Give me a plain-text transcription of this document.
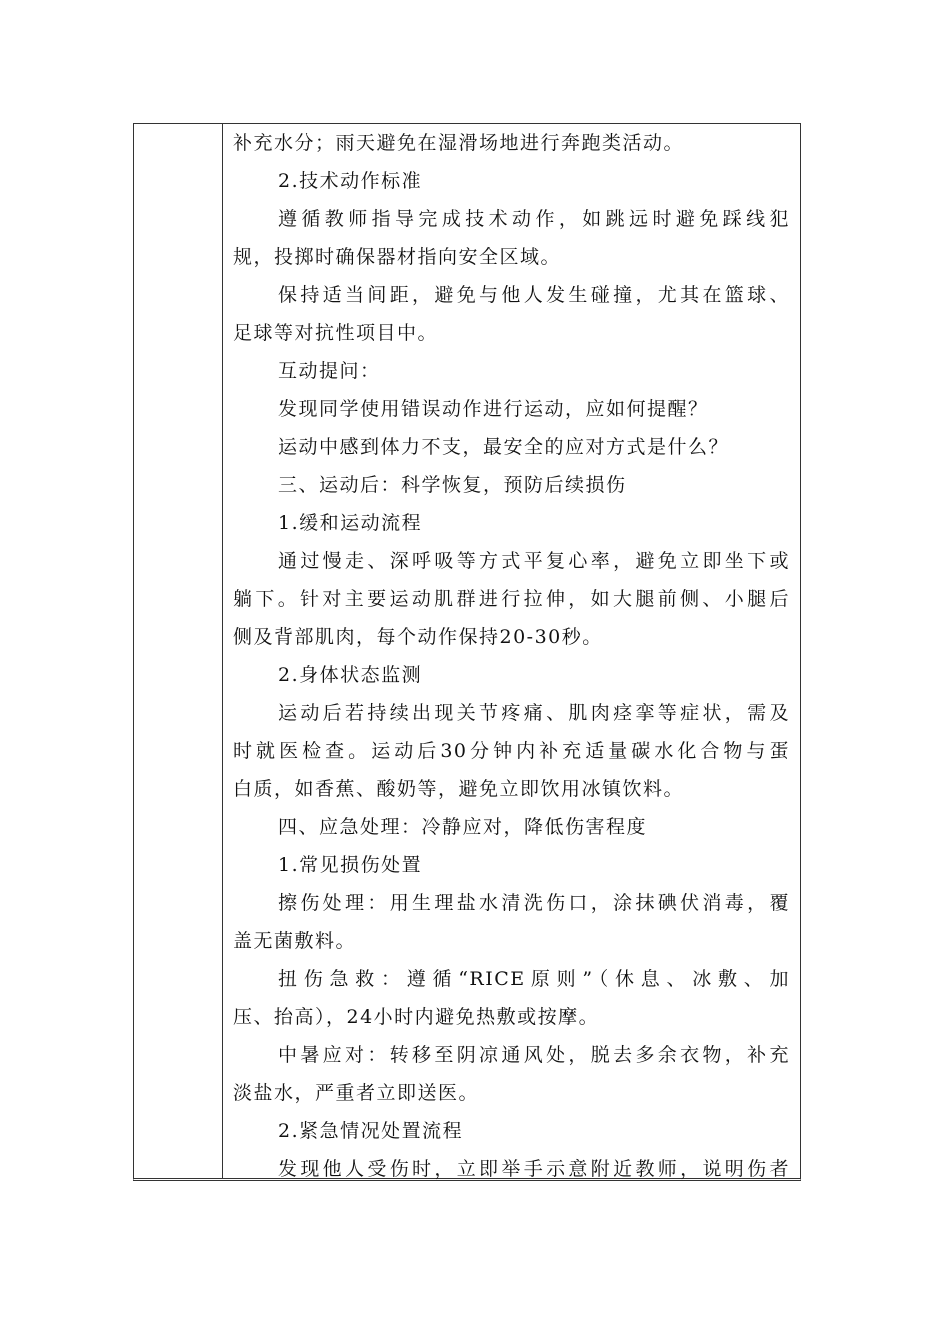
补充水分；雨天避免在湿滑场地进行奔跑类活动。
2.技术动作标准
遵循教师指导完成技术动作，如跳远时避免踩线犯
规，投掷时确保器材指向安全区域。
保持适当间距，避免与他人发生碰撞，尤其在篮球、
足球等对抗性项目中。
互动提问：
发现同学使用错误动作进行运动，应如何提醒？
运动中感到体力不支，最安全的应对方式是什么？
三、运动后：科学恢复，预防后续损伤
1.缓和运动流程
通过慢走、深呼吸等方式平复心率，避免立即坐下或
躺下。针对主要运动肌群进行拉伸，如大腿前侧、小腿后
侧及背部肌肉，每个动作保持20-30秒。
2.身体状态监测
运动后若持续出现关节疼痛、肌肉痉挛等症状，需及
时就医检查。运动后30分钟内补充适量碳水化合物与蛋
白质，如香蕉、酸奶等，避免立即饮用冰镇饮料。
四、应急处理：冷静应对，降低伤害程度
1.常见损伤处置
擦伤处理：用生理盐水清洗伤口，涂抹碘伏消毒，覆
盖无菌敷料。
扭伤急救：遵循“RICE原则”（休息、冰敷、加
压、抬高），24小时内避免热敷或按摩。
中暑应对：转移至阴凉通风处，脱去多余衣物，补充
淡盐水，严重者立即送医。
2.紧急情况处置流程
发现他人受伤时，立即举手示意附近教师，说明伤者
